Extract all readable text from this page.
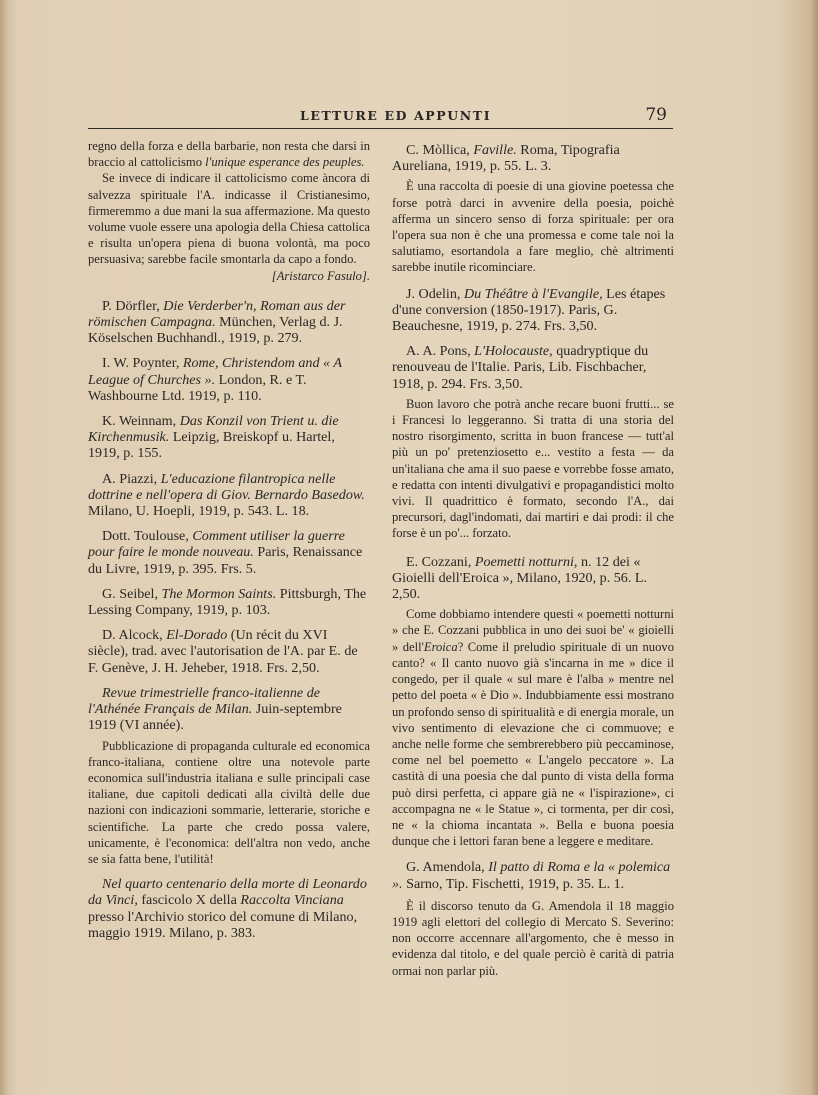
LETTURE ED APPUNTI	79

regno della forza e della barbarie, non resta che darsi in braccio al cattolicismo l'unique esperance des peuples.

Se invece di indicare il cattolicismo come àncora di salvezza spirituale l'A. indicasse il Cristianesimo, firmeremmo a due mani la sua affermazione. Ma questo volume vuole essere una apologia della Chiesa cattolica e risulta un'opera piena di buona volontà, ma poco persuasiva; sarebbe facile smontarla da capo a fondo.

[Aristarco Fasulo].
P. Dörfler, Die Verderber'n, Roman aus der römischen Campagna. München, Verlag d. J. Köselschen Buchhandl., 1919, p. 279.
I. W. Poynter, Rome, Christendom and « A League of Churches ». London, R. e T. Washbourne Ltd. 1919, p. 110.
K. Weinnam, Das Konzil von Trient u. die Kirchenmusik. Leipzig, Breiskopf u. Hartel, 1919, p. 155.
A. Piazzi, L'educazione filantropica nelle dottrine e nell'opera di Giov. Bernardo Basedow. Milano, U. Hoepli, 1919, p. 543. L. 18.
Dott. Toulouse, Comment utiliser la guerre pour faire le monde nouveau. Paris, Renaissance du Livre, 1919, p. 395. Frs. 5.
G. Seibel, The Mormon Saints. Pittsburgh, The Lessing Company, 1919, p. 103.
D. Alcock, El-Dorado (Un récit du XVI siècle), trad. avec l'autorisation de l'A. par E. de F. Genève, J. H. Jeheber, 1918. Frs. 2,50.
Revue trimestrielle franco-italienne de l'Athénée Français de Milan. Juin-septembre 1919 (VI année).

Pubblicazione di propaganda culturale ed economica franco-italiana, contiene oltre una notevole parte economica sull'industria italiana e sulle principali case italiane, due capitoli dedicati alla civiltà delle due nazioni con indicazioni sommarie, letterarie, storiche e scientifiche. La parte che credo possa valere, unicamente, è l'economica: dell'altra non vedo, anche se sia fatta bene, l'utilità!

Nel quarto centenario della morte di Leonardo da Vinci, fascicolo X della Raccolta Vinciana presso l'Archivio storico del comune di Milano, maggio 1919. Milano, p. 383.
C. Mòllica, Faville. Roma, Tipografia Aureliana, 1919, p. 55. L. 3.

È una raccolta di poesie di una giovine poetessa che forse potrà darci in avvenire della poesia, poichè afferma un sincero senso di forza spirituale: per ora l'opera sua non è che una promessa e come tale noi la salutiamo, esortandola a fare meglio, chè altrimenti sarebbe inutile ricominciare.

J. Odelin, Du Théâtre à l'Evangile, Les étapes d'une conversion (1850-1917). Paris, G. Beauchesne, 1919, p. 274. Frs. 3,50.
A. A. Pons, L'Holocauste, quadryptique du renouveau de l'Italie. Paris, Lib. Fischbacher, 1918, p. 294. Frs. 3,50.

Buon lavoro che potrà anche recare buoni frutti... se i Francesi lo leggeranno. Si tratta di una storia del nostro risorgimento, scritta in buon francese — tutt'al più un po' pretenziosetto e... vestito a festa — da un'italiana che ama il suo paese e vorrebbe fosse amato, e redatta con intenti divulgativi e propagandistici molto vivi. Il quadrittico è formato, secondo l'A., dai precursori, dagl'indomati, dai martiri e dai prodi: il che forse è un po'... forzato.

E. Cozzani, Poemetti notturni, n. 12 dei « Gioielli dell'Eroica », Milano, 1920, p. 56. L. 2,50.

Come dobbiamo intendere questi « poemetti notturni » che E. Cozzani pubblica in uno dei suoi be' « gioielli » dell'Eroica? Come il preludio spirituale di un nuovo canto? « Il canto nuovo già s'incarna in me » dice il congedo, per il quale « sul mare è l'alba » mentre nel petto del poeta « è Dio ». Indubbiamente essi mostrano un profondo senso di spiritualità e di energia morale, un vivo sentimento di elevazione che ci commuove; e anche nelle forme che sembrerebbero più peccaminose, come nel bel poemetto « L'angelo peccatore ». La castità di una poesia che dal punto di vista della forma può dirsi perfetta, ci appare già ne « l'ispirazione», ci accompagna ne « le Statue », ci tormenta, per dir così, ne « la chioma incantata ». Bella e buona poesia dunque che i lettori faran bene a leggere e meditare.

G. Amendola, Il patto di Roma e la « polemica ». Sarno, Tip. Fischetti, 1919, p. 35. L. 1.

È il discorso tenuto da G. Amendola il 18 maggio 1919 agli elettori del collegio di Mercato S. Severino: non occorre accennare all'argomento, che è messo in evidenza dal titolo, e del quale perciò è carità di patria ormai non parlar più.
